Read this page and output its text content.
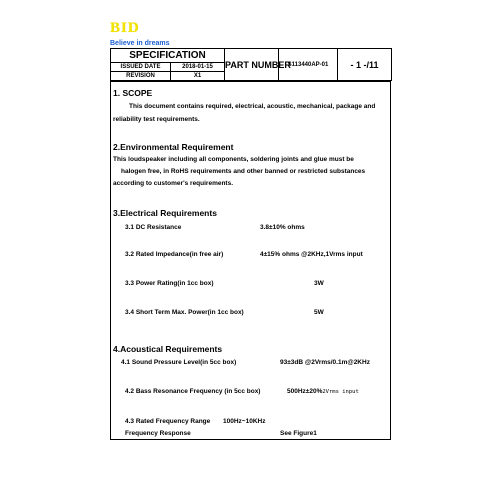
BID
Believe in dreams
SPECIFICATION		PART NUMBER	S113440AP-01	- 1 -/11
ISSUED DATE	2018-01-15			
REVISION	X1			
1. SCOPE
This document contains required, electrical, acoustic, mechanical, package and
reliability test requirements.
2.Environmental Requirement
This loudspeaker including all components, soldering joints and glue must be
halogen free, in RoHS requirements and other banned or restricted substances
according to customer's requirements.
3.Electrical Requirements
3.1 DC Resistance	3.8±10% ohms
3.2 Rated Impedance(in free air)	4±15% ohms @2KHz,1Vrms input
3.3 Power Rating(in 1cc box)	3W
3.4 Short Term Max. Power(in 1cc box)	5W
4.Acoustical Requirements
4.1 Sound Pressure Level(in 5cc box)	93±3dB @2Vrms/0.1m@2KHz
4.2 Bass Resonance Frequency (in 5cc box)	500Hz±20%2Vrms input
4.3 Rated Frequency Range 100Hz~10KHz
Frequency Response	See Figure1
